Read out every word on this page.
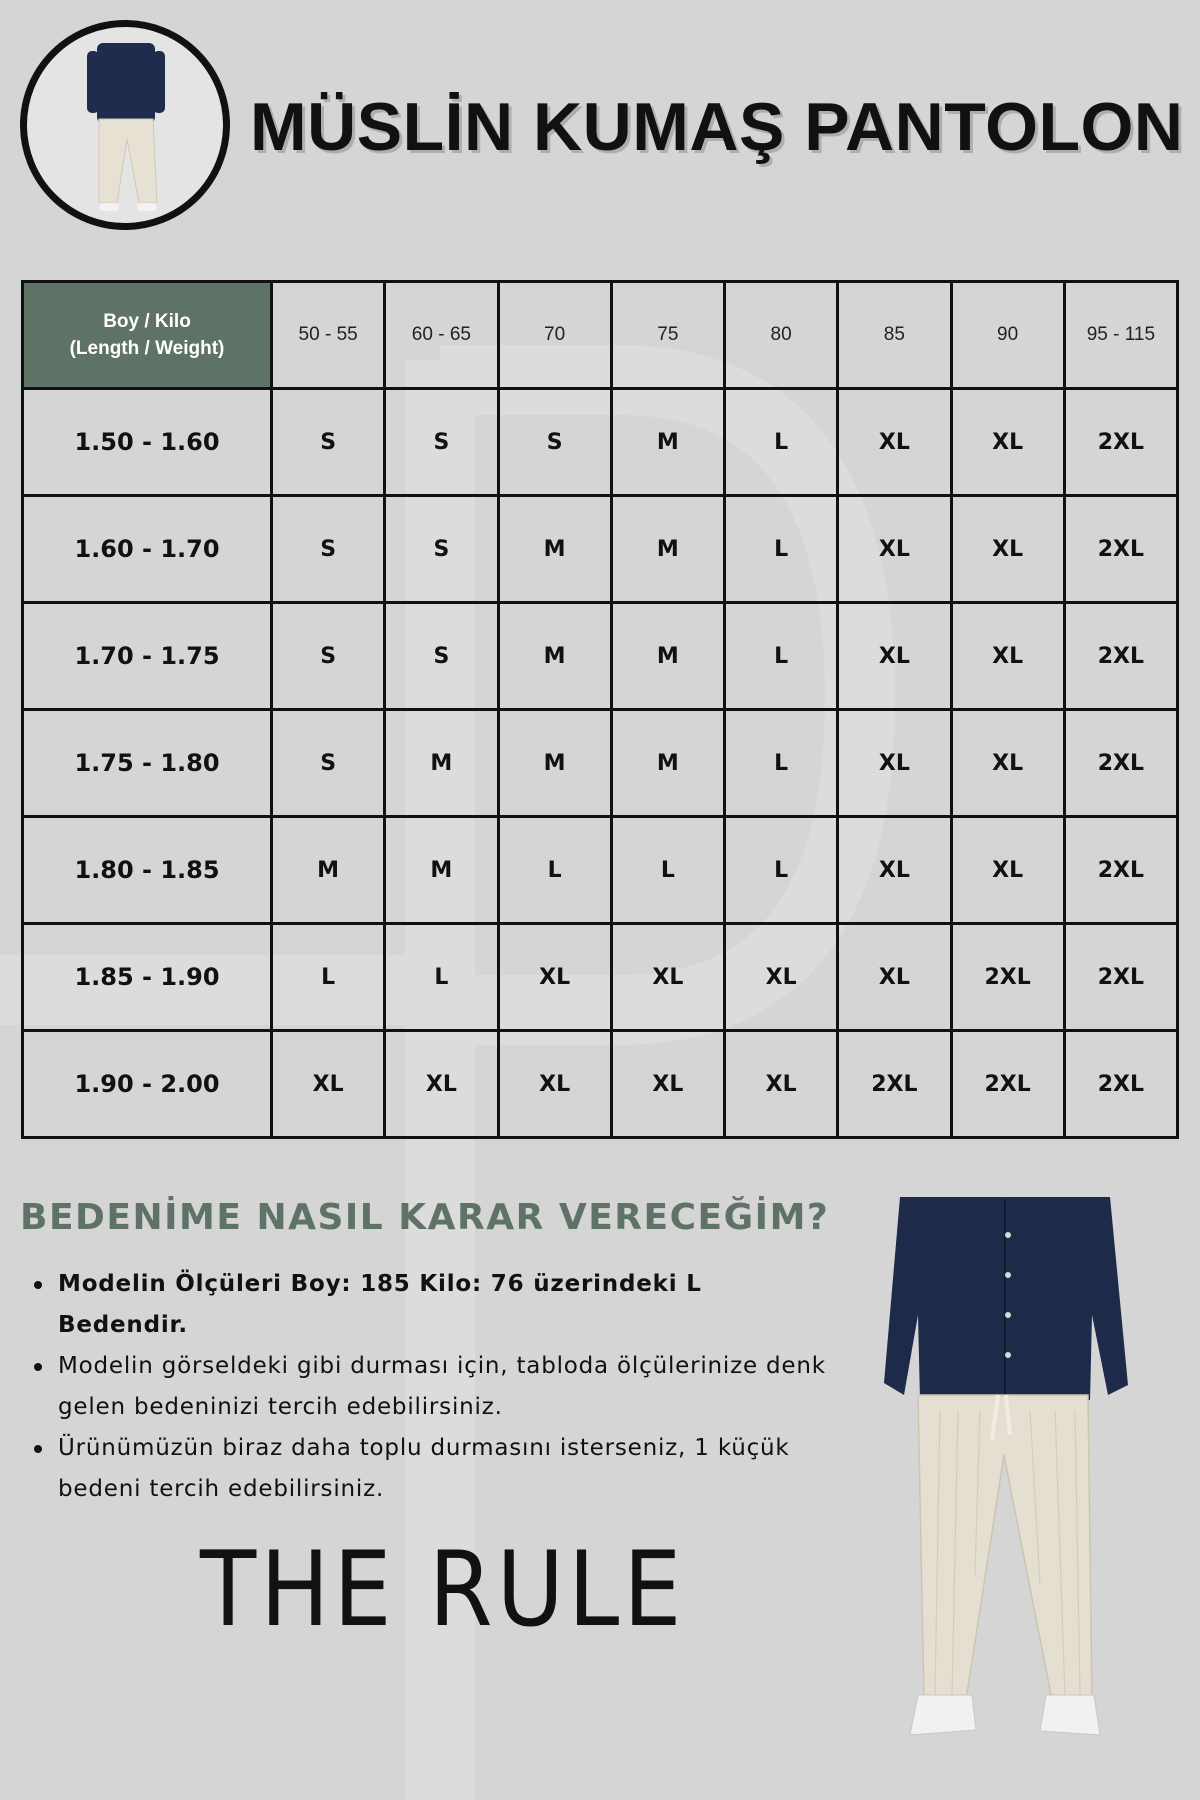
MÜSLİN KUMAŞ PANTOLON
Boy / Kilo
(Length / Weight)	50 - 55	60 - 65	70	75	80	85	90	95 - 115
1.50 - 1.60	S	S	S	M	L	XL	XL	2XL
1.60 - 1.70	S	S	M	M	L	XL	XL	2XL
1.70 - 1.75	S	S	M	M	L	XL	XL	2XL
1.75 - 1.80	S	M	M	M	L	XL	XL	2XL
1.80 - 1.85	M	M	L	L	L	XL	XL	2XL
1.85 - 1.90	L	L	XL	XL	XL	XL	2XL	2XL
1.90 - 2.00	XL	XL	XL	XL	XL	2XL	2XL	2XL
BEDENİME NASIL KARAR VERECEĞİM?
Modelin Ölçüleri Boy: 185 Kilo: 76 üzerindeki L Bedendir.
Modelin görseldeki gibi durması için, tabloda ölçülerinize denk gelen bedeninizi tercih edebilirsiniz.
Ürünümüzün biraz daha toplu durmasını isterseniz, 1 küçük bedeni tercih edebilirsiniz.
THE RULE
